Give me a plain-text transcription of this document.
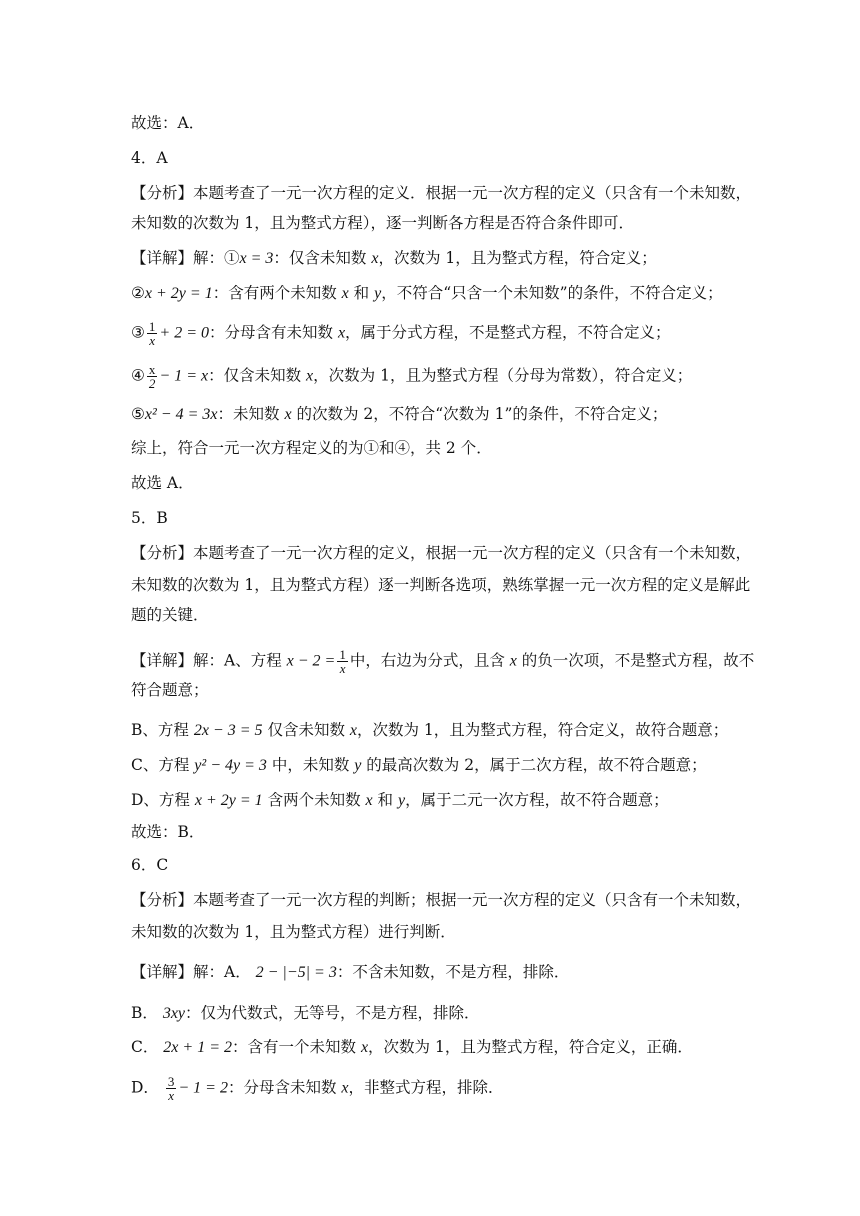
故选：A．
4．A
【分析】本题考查了一元一次方程的定义．根据一元一次方程的定义（只含有一个未知数，
未知数的次数为 1，且为整式方程），逐一判断各方程是否符合条件即可．
【详解】解：①x = 3：仅含未知数 x，次数为 1，且为整式方程，符合定义；
②x + 2y = 1：含有两个未知数 x 和 y，不符合“只含一个未知数”的条件，不符合定义；
③ $\frac{1}{x} + 2 = 0$：分母含有未知数 x，属于分式方程，不是整式方程，不符合定义；
④ $\frac{x}{2} - 1 = x$：仅含未知数 x，次数为 1，且为整式方程（分母为常数），符合定义；
⑤x² − 4 = 3x：未知数 x 的次数为 2，不符合“次数为 1”的条件，不符合定义；
综上，符合一元一次方程定义的为①和④，共 2 个．
故选 A．
5．B
【分析】本题考查了一元一次方程的定义，根据一元一次方程的定义（只含有一个未知数，
未知数的次数为 1，且为整式方程）逐一判断各选项，熟练掌握一元一次方程的定义是解此
题的关键．
【详解】解：A、方程 $x - 2 = \frac{1}{x}$ 中，右边为分式，且含 x 的负一次项，不是整式方程，故不
符合题意；
B、方程 2x − 3 = 5 仅含未知数 x，次数为 1，且为整式方程，符合定义，故符合题意；
C、方程 y² − 4y = 3 中，未知数 y 的最高次数为 2，属于二次方程，故不符合题意；
D、方程 x + 2y = 1 含两个未知数 x 和 y，属于二元一次方程，故不符合题意；
故选：B．
6．C
【分析】本题考查了一元一次方程的判断；根据一元一次方程的定义（只含有一个未知数，
未知数的次数为 1，且为整式方程）进行判断．
【详解】解：A． 2 − |−5| = 3：不含未知数，不是方程，排除．
B． 3xy：仅为代数式，无等号，不是方程，排除．
C． 2x + 1 = 2：含有一个未知数 x，次数为 1，且为整式方程，符合定义，正确．
D． $\frac{3}{x} - 1 = 2$：分母含未知数 x，非整式方程，排除．
